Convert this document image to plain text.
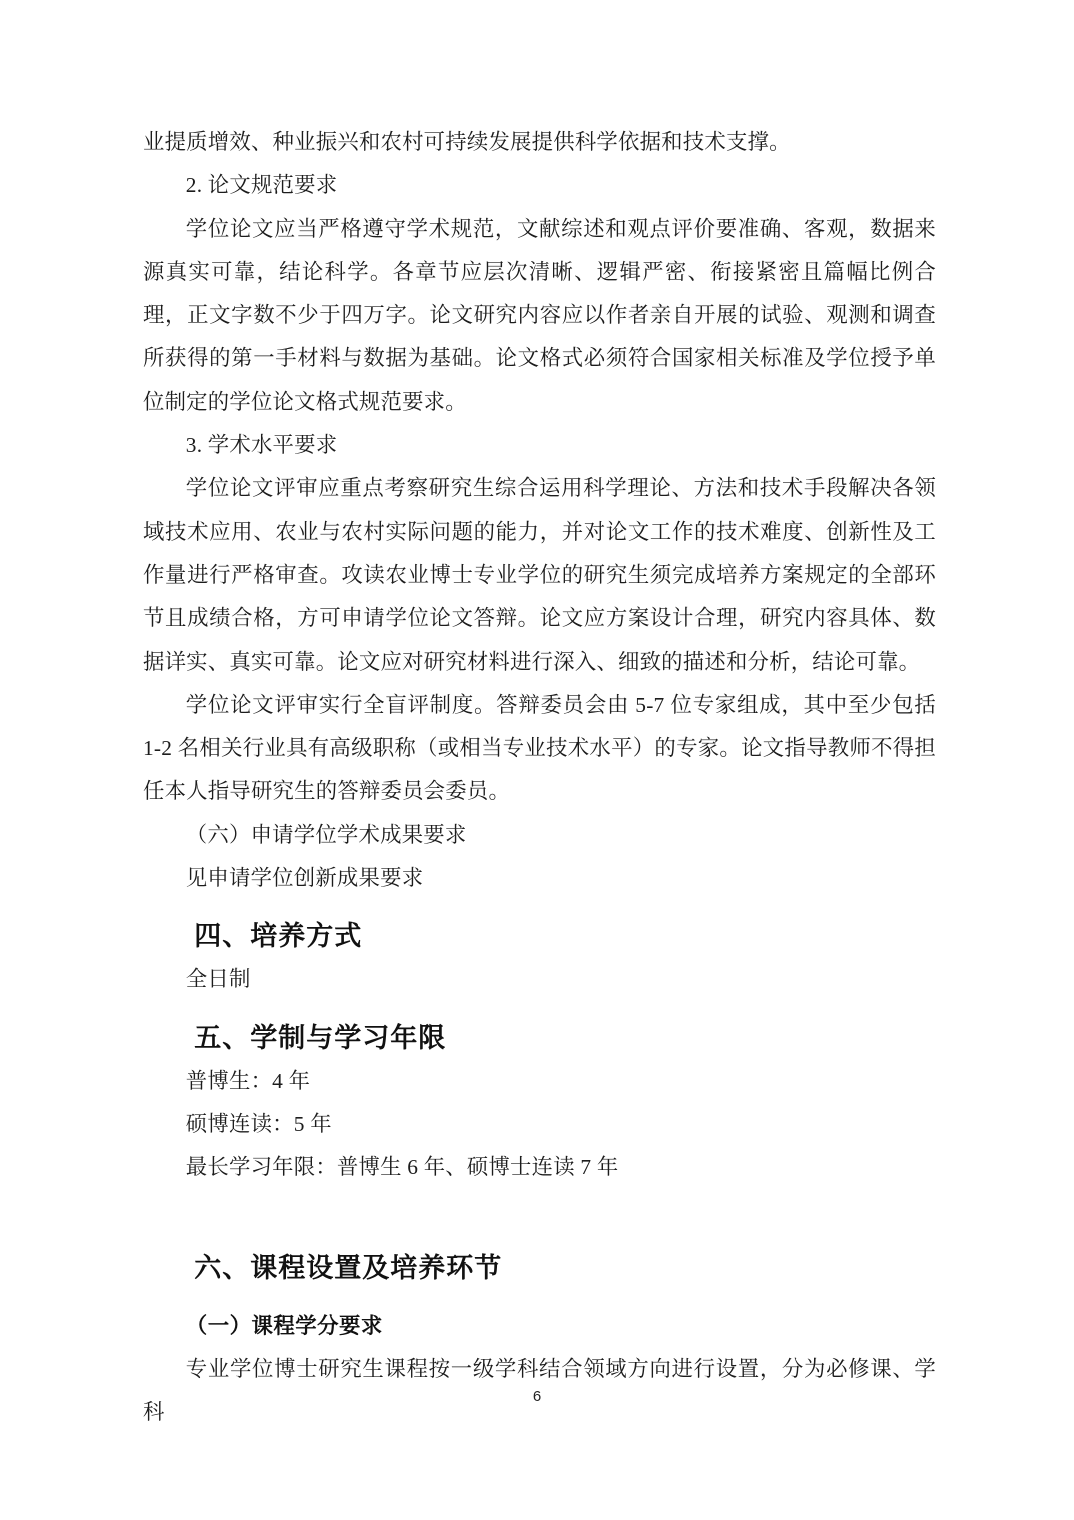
业提质增效、种业振兴和农村可持续发展提供科学依据和技术支撑。

2. 论文规范要求

学位论文应当严格遵守学术规范，文献综述和观点评价要准确、客观，数据来源真实可靠，结论科学。各章节应层次清晰、逻辑严密、衔接紧密且篇幅比例合理，正文字数不少于四万字。论文研究内容应以作者亲自开展的试验、观测和调查所获得的第一手材料与数据为基础。论文格式必须符合国家相关标准及学位授予单位制定的学位论文格式规范要求。

3. 学术水平要求

学位论文评审应重点考察研究生综合运用科学理论、方法和技术手段解决各领域技术应用、农业与农村实际问题的能力，并对论文工作的技术难度、创新性及工作量进行严格审查。攻读农业博士专业学位的研究生须完成培养方案规定的全部环节且成绩合格，方可申请学位论文答辩。论文应方案设计合理，研究内容具体、数据详实、真实可靠。论文应对研究材料进行深入、细致的描述和分析，结论可靠。

学位论文评审实行全盲评制度。答辩委员会由 5-7 位专家组成，其中至少包括 1-2 名相关行业具有高级职称（或相当专业技术水平）的专家。论文指导教师不得担任本人指导研究生的答辩委员会委员。

（六）申请学位学术成果要求

见申请学位创新成果要求

四、培养方式

全日制

五、学制与学习年限

普博生：4 年

硕博连读：5 年

最长学习年限：普博生 6 年、硕博士连读 7 年

六、课程设置及培养环节
（一）课程学分要求

专业学位博士研究生课程按一级学科结合领域方向进行设置，分为必修课、学科

6
